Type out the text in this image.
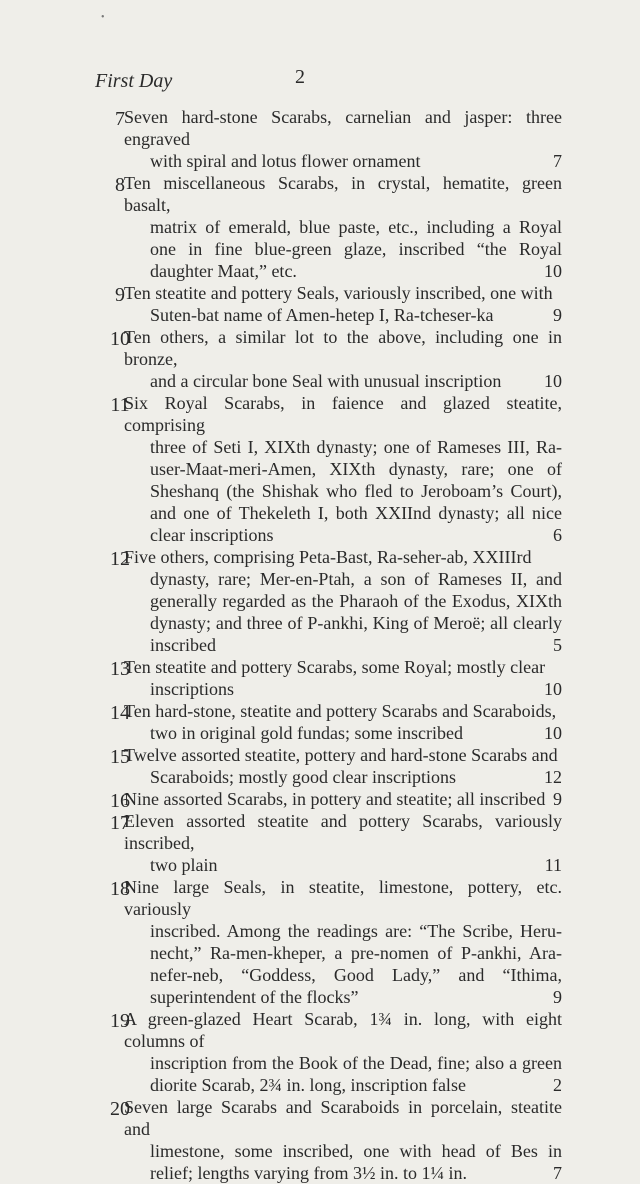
•
First Day	2
7 Seven hard-stone Scarabs, carnelian and jasper: three engraved
with spiral and lotus flower ornament	7
8 Ten miscellaneous Scarabs, in crystal, hematite, green basalt,
matrix of emerald, blue paste, etc., including a Royal one in fine blue-green glaze, inscribed “the Royal daughter Maat,” etc.	10
9 Ten steatite and pottery Seals, variously inscribed, one with
Suten-bat name of Amen-hetep I, Ra-tcheser-ka	9
10
Ten others, a similar lot to the above, including one in bronze,
and a circular bone Seal with unusual inscription 10
11
Six Royal Scarabs, in faience and glazed steatite, comprising
three of Seti I, XIXth dynasty; one of Rameses III, Ra-user-Maat-meri-Amen, XIXth dynasty, rare; one of Sheshanq (the Shishak who fled to Jeroboam’s Court), and one of Thekeleth I, both XXIInd dynasty; all nice clear inscriptions	6
12
Five others, comprising Peta-Bast, Ra-seher-ab, XXIIIrd
dynasty, rare; Mer-en-Ptah, a son of Rameses II, and generally regarded as the Pharaoh of the Exodus, XIXth dynasty; and three of P-ankhi, King of Meroë; all clearly inscribed	5
13
Ten steatite and pottery Scarabs, some Royal; mostly clear
inscriptions	10
14
Ten hard-stone, steatite and pottery Scarabs and Scaraboids,
two in original gold fundas; some inscribed	10
15
Twelve assorted steatite, pottery and hard-stone Scarabs and
Scaraboids; mostly good clear inscriptions	12
16
Nine assorted Scarabs, in pottery and steatite; all inscribed 9
17
Eleven assorted steatite and pottery Scarabs, variously inscribed,
two plain	11
18
Nine large Seals, in steatite, limestone, pottery, etc. variously
inscribed. Among the readings are: “The Scribe, Heru-necht,” Ra-men-kheper, a pre-nomen of P-ankhi, Ara-nefer-neb, “Goddess, Good Lady,” and “Ithima, superintendent of the flocks”	9
19
A green-glazed Heart Scarab, 1¾ in. long, with eight columns of
inscription from the Book of the Dead, fine; also a green diorite Scarab, 2¾ in. long, inscription false	2
20
Seven large Scarabs and Scaraboids in porcelain, steatite and
limestone, some inscribed, one with head of Bes in relief; lengths varying from 3½ in. to 1¼ in.	7
